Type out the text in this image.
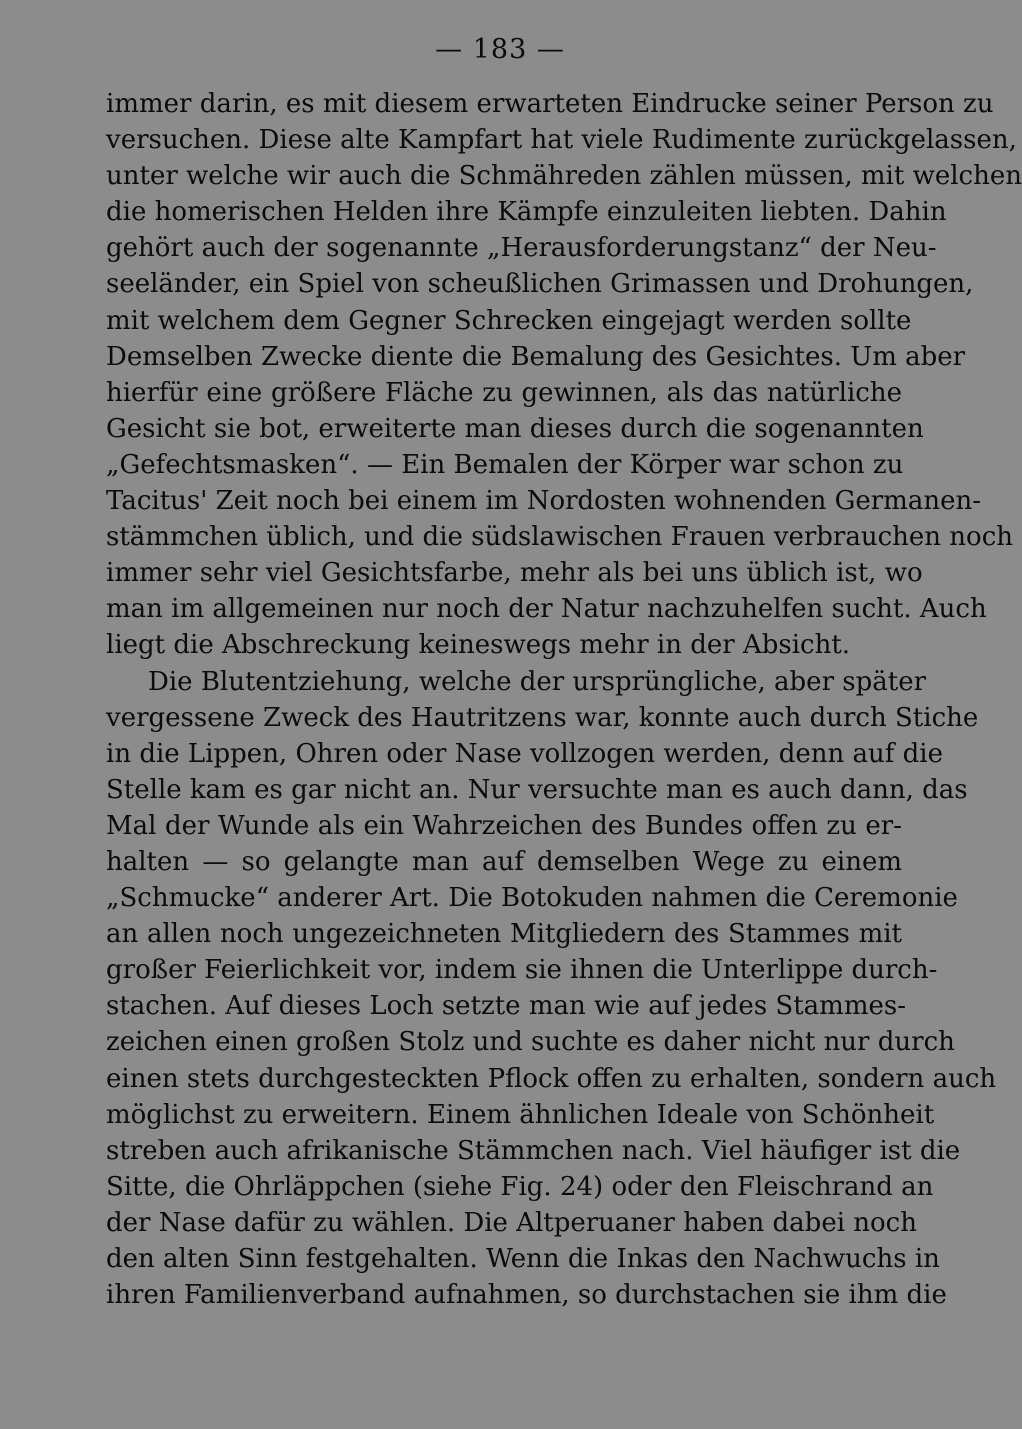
— 183 —
immer darin, es mit diesem erwarteten Eindrucke seiner Person zu
versuchen. Diese alte Kampfart hat viele Rudimente zurückgelassen,
unter welche wir auch die Schmähreden zählen müssen, mit welchen
die homerischen Helden ihre Kämpfe einzuleiten liebten. Dahin
gehört auch der sogenannte „Herausforderungstanz“ der Neu-
seeländer, ein Spiel von scheußlichen Grimassen und Drohungen,
mit welchem dem Gegner Schrecken eingejagt werden sollte
Demselben Zwecke diente die Bemalung des Gesichtes. Um aber
hierfür eine größere Fläche zu gewinnen, als das natürliche
Gesicht sie bot, erweiterte man dieses durch die sogenannten
„Gefechtsmasken“. — Ein Bemalen der Körper war schon zu
Tacitus' Zeit noch bei einem im Nordosten wohnenden Germanen-
stämmchen üblich, und die südslawischen Frauen verbrauchen noch
immer sehr viel Gesichtsfarbe, mehr als bei uns üblich ist, wo
man im allgemeinen nur noch der Natur nachzuhelfen sucht. Auch
liegt die Abschreckung keineswegs mehr in der Absicht.
Die Blutentziehung, welche der ursprüngliche, aber später
vergessene Zweck des Hautritzens war, konnte auch durch Stiche
in die Lippen, Ohren oder Nase vollzogen werden, denn auf die
Stelle kam es gar nicht an. Nur versuchte man es auch dann, das
Mal der Wunde als ein Wahrzeichen des Bundes offen zu er-
halten — so gelangte man auf demselben Wege zu einem
„Schmucke“ anderer Art. Die Botokuden nahmen die Ceremonie
an allen noch ungezeichneten Mitgliedern des Stammes mit
großer Feierlichkeit vor, indem sie ihnen die Unterlippe durch-
stachen. Auf dieses Loch setzte man wie auf jedes Stammes-
zeichen einen großen Stolz und suchte es daher nicht nur durch
einen stets durchgesteckten Pflock offen zu erhalten, sondern auch
möglichst zu erweitern. Einem ähnlichen Ideale von Schönheit
streben auch afrikanische Stämmchen nach. Viel häufiger ist die
Sitte, die Ohrläppchen (siehe Fig. 24) oder den Fleischrand an
der Nase dafür zu wählen. Die Altperuaner haben dabei noch
den alten Sinn festgehalten. Wenn die Inkas den Nachwuchs in
ihren Familienverband aufnahmen, so durchstachen sie ihm die
